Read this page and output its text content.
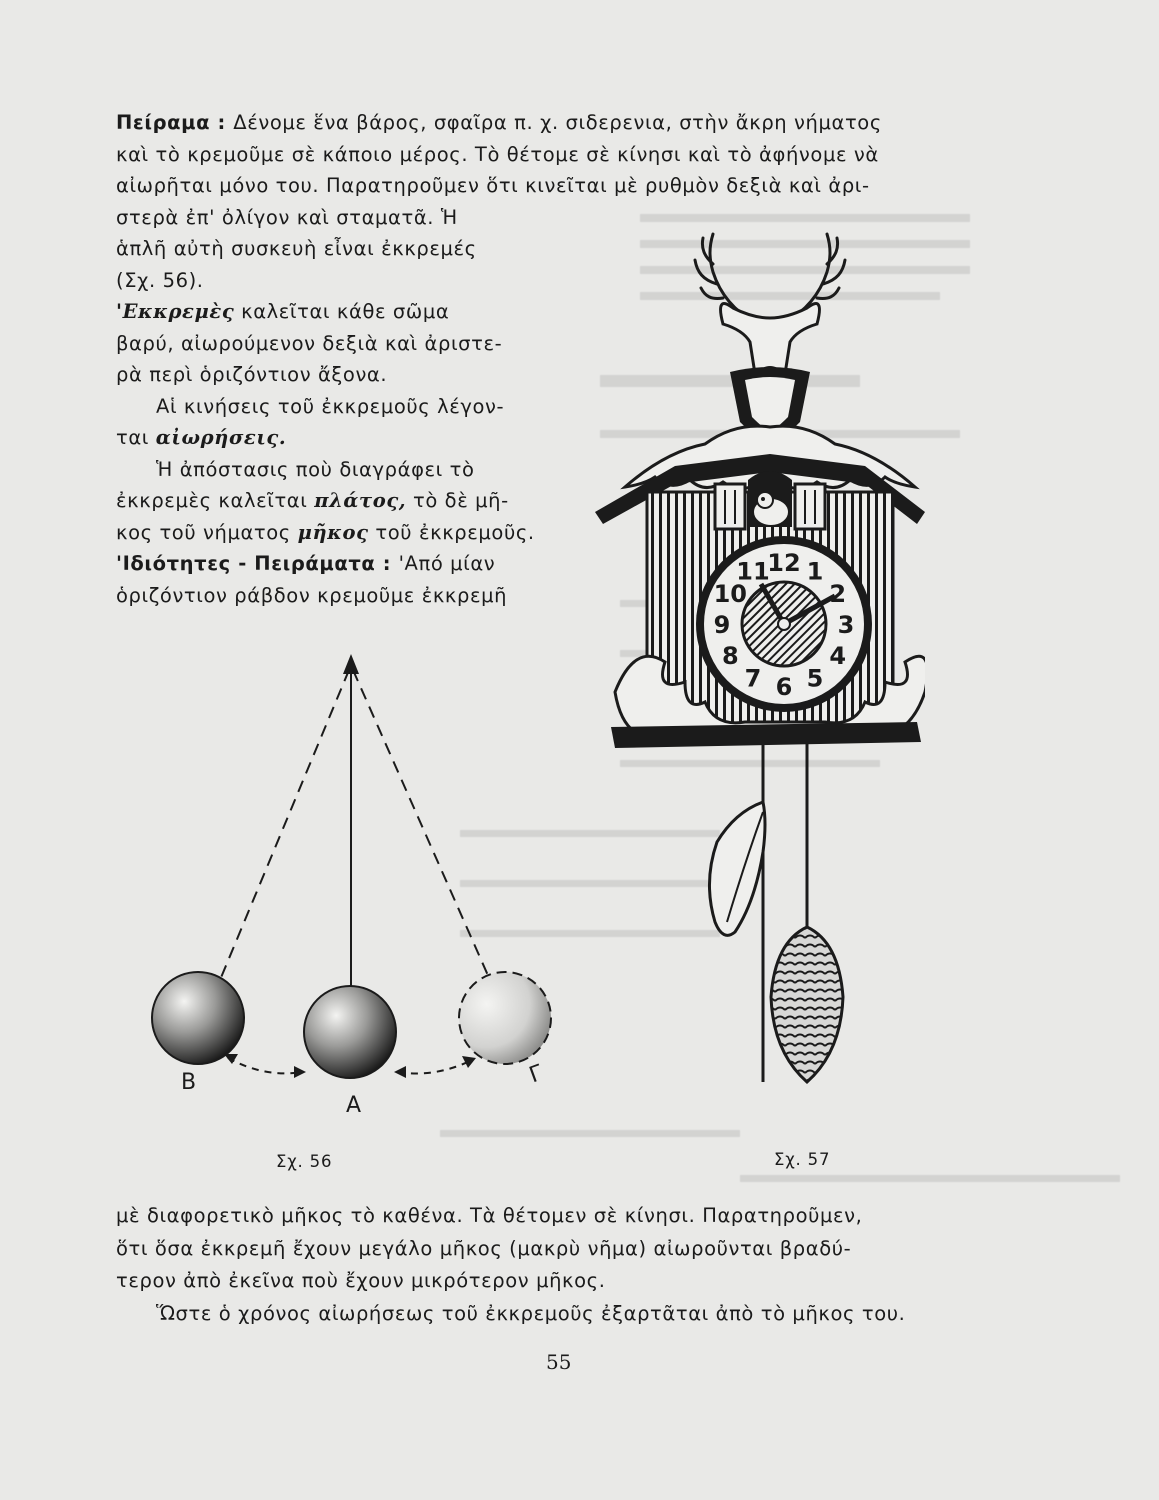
Πείραμα : Δένομε ἕνα βάρος, σφαῖρα π. χ. σιδερενια, στὴν ἄκρη νήματος
καὶ τὸ κρεμοῦμε σὲ κάποιο μέρος. Τὸ θέτομε σὲ κίνησι καὶ τὸ ἀφήνομε νὰ
αἰωρῆται μόνο του. Παρατηροῦμεν ὅτι κινεῖται μὲ ρυθμὸν δεξιὰ καὶ ἀρι-
στερὰ ἐπ' ὀλίγον καὶ σταματᾶ. Ἡ
ἁπλῆ αὐτὴ συσκευὴ εἶναι ἐκκρεμές
(Σχ. 56).
'Εκκρεμὲς καλεῖται κάθε σῶμα
βαρύ, αἰωρούμενον δεξιὰ καὶ ἀριστε-
ρὰ περὶ ὁριζόντιον ἄξονα.
Αἱ κινήσεις τοῦ ἐκκρεμοῦς λέγον-
ται αἰωρήσεις.
Ἡ ἀπόστασις ποὺ διαγράφει τὸ
ἐκκρεμὲς καλεῖται πλάτος, τὸ δὲ μῆ-
κος τοῦ νήματος μῆκος τοῦ ἐκκρεμοῦς.
'Ιδιότητες - Πειράματα : 'Από μίαν
ὁριζόντιον ράβδον κρεμοῦμε ἐκκρεμῆ
B
A
Γ
Σχ. 56
12 1
2
3
4
5
6
7
8
9
10
11
Σχ. 57
μὲ διαφορετικὸ μῆκος τὸ καθένα. Τὰ θέτομεν σὲ κίνησι. Παρατηροῦμεν,
ὅτι ὅσα ἐκκρεμῆ ἔχουν μεγάλο μῆκος (μακρὺ νῆμα) αἰωροῦνται βραδύ-
τερον ἀπὸ ἐκεῖνα ποὺ ἔχουν μικρότερον μῆκος.
Ὥστε ὁ χρόνος αἰωρήσεως τοῦ ἐκκρεμοῦς ἐξαρτᾶται ἀπὸ τὸ μῆκος του.
55
